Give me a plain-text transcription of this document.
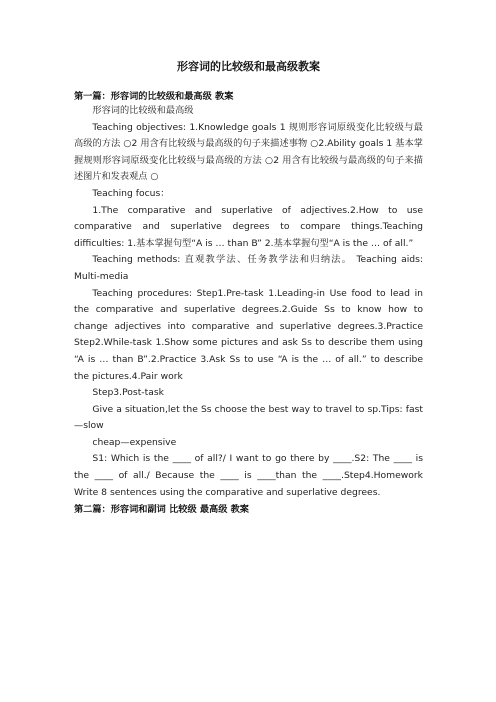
形容词的比较级和最高级教案
第一篇：形容词的比较级和最高级 教案

形容词的比较级和最高级

Teaching objectives: 1.Knowledge goals 1 规则形容词原级变化比较级与最高级的方法 ○2 用含有比较级与最高级的句子来描述事物 ○2.Ability goals 1 基本掌握规则形容词原级变化比较级与最高级的方法 ○2 用含有比较级与最高级的句子来描述图片和发表观点 ○

Teaching focus：

1.The comparative and superlative of adjectives.2.How to use comparative and superlative degrees to compare things.Teaching difficulties: 1.基本掌握句型“A is … than B” 2.基本掌握句型“A is the … of all.”

Teaching methods: 直观教学法、任务教学法和归纳法。 Teaching aids: Multi-media

Teaching procedures: Step1.Pre-task 1.Leading-in Use food to lead in the comparative and superlative degrees.2.Guide Ss to know how to change adjectives into comparative and superlative degrees.3.Practice Step2.While-task 1.Show some pictures and ask Ss to describe them using “A is … than B”.2.Practice 3.Ask Ss to use “A is the … of all.” to describe the pictures.4.Pair work

Step3.Post-task

Give a situation,let the Ss choose the best way to travel to sp.Tips: fast—slow

cheap—expensive

S1: Which is the ____ of all?/ I want to go there by ____.S2: The ____ is the ____ of all./ Because the ____ is ____than the ____.Step4.Homework Write 8 sentences using the comparative and superlative degrees.

第二篇：形容词和副词 比较级 最高级 教案
